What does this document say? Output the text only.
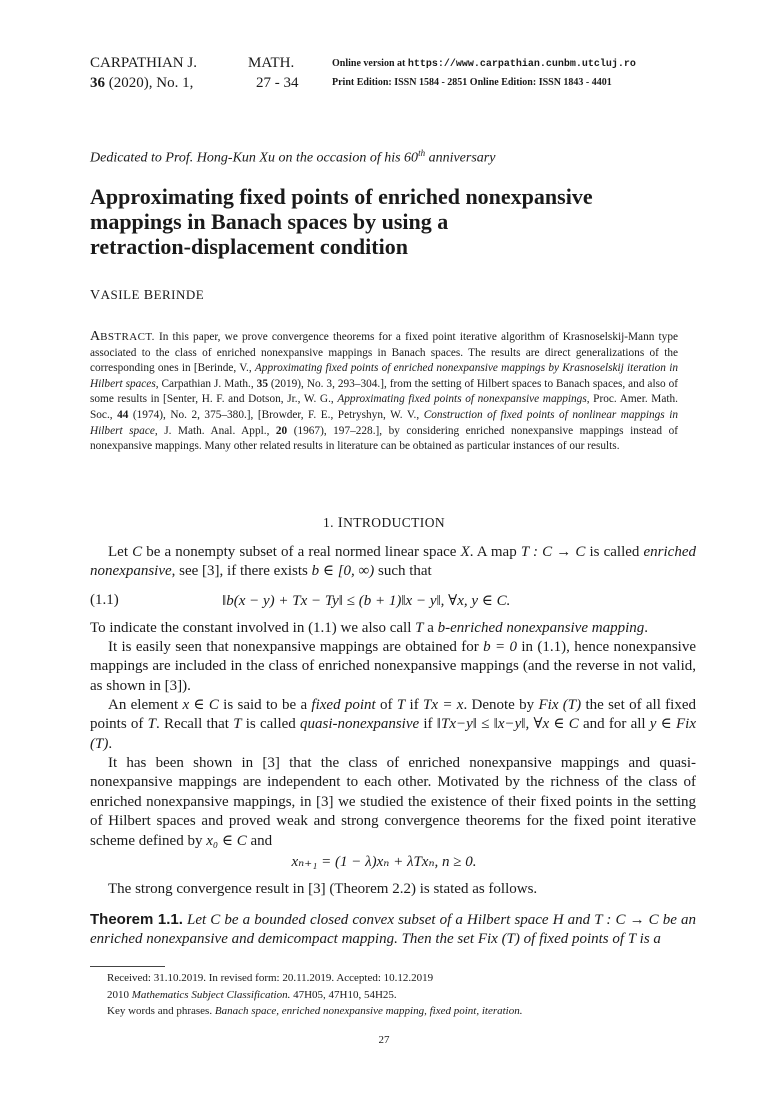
CARPATHIAN J.
36 (2020), No. 1,
MATH.
27 - 34
Online version at https://www.carpathian.cunbm.utcluj.ro
Print Edition: ISSN 1584 - 2851 Online Edition: ISSN 1843 - 4401
Dedicated to Prof. Hong-Kun Xu on the occasion of his 60th anniversary
Approximating fixed points of enriched nonexpansive
mappings in Banach spaces by using a
retraction-displacement condition
VASILE BERINDE
ABSTRACT. In this paper, we prove convergence theorems for a fixed point iterative algorithm of Krasnoselskij-Mann type associated to the class of enriched nonexpansive mappings in Banach spaces. The results are direct generalizations of the corresponding ones in [Berinde, V., Approximating fixed points of enriched nonexpansive mappings by Krasnoselskij iteration in Hilbert spaces, Carpathian J. Math., 35 (2019), No. 3, 293–304.], from the setting of Hilbert spaces to Banach spaces, and also of some results in [Senter, H. F. and Dotson, Jr., W. G., Approximating fixed points of nonexpansive mappings, Proc. Amer. Math. Soc., 44 (1974), No. 2, 375–380.], [Browder, F. E., Petryshyn, W. V., Construction of fixed points of nonlinear mappings in Hilbert space, J. Math. Anal. Appl., 20 (1967), 197–228.], by considering enriched nonexpansive mappings instead of nonexpansive mappings. Many other related results in literature can be obtained as particular instances of our results.
1. INTRODUCTION
Let C be a nonempty subset of a real normed linear space X. A map T : C → C is called enriched nonexpansive, see [3], if there exists b ∈ [0, ∞) such that
(1.1)	‖b(x − y) + Tx − Ty‖ ≤ (b + 1)‖x − y‖, ∀x, y ∈ C.
To indicate the constant involved in (1.1) we also call T a b-enriched nonexpansive mapping.
It is easily seen that nonexpansive mappings are obtained for b = 0 in (1.1), hence nonexpansive mappings are included in the class of enriched nonexpansive mappings (and the reverse in not valid, as shown in [3]).
An element x ∈ C is said to be a fixed point of T if Tx = x. Denote by Fix (T) the set of all fixed points of T. Recall that T is called quasi-nonexpansive if ‖Tx−y‖ ≤ ‖x−y‖, ∀x ∈ C and for all y ∈ Fix (T).
It has been shown in [3] that the class of enriched nonexpansive mappings and quasi-nonexpansive mappings are independent to each other. Motivated by the richness of the class of enriched nonexpansive mappings, in [3] we studied the existence of their fixed points in the setting of Hilbert spaces and proved weak and strong convergence theorems for the fixed point iterative scheme defined by x₀ ∈ C and
xₙ₊₁ = (1 − λ)xₙ + λTxₙ, n ≥ 0.
The strong convergence result in [3] (Theorem 2.2) is stated as follows.
Theorem 1.1. Let C be a bounded closed convex subset of a Hilbert space H and T : C → C be an enriched nonexpansive and demicompact mapping. Then the set Fix (T) of fixed points of T is a
Received: 31.10.2019. In revised form: 20.11.2019. Accepted: 10.12.2019
2010 Mathematics Subject Classification. 47H05, 47H10, 54H25.
Key words and phrases. Banach space, enriched nonexpansive mapping, fixed point, iteration.
27
